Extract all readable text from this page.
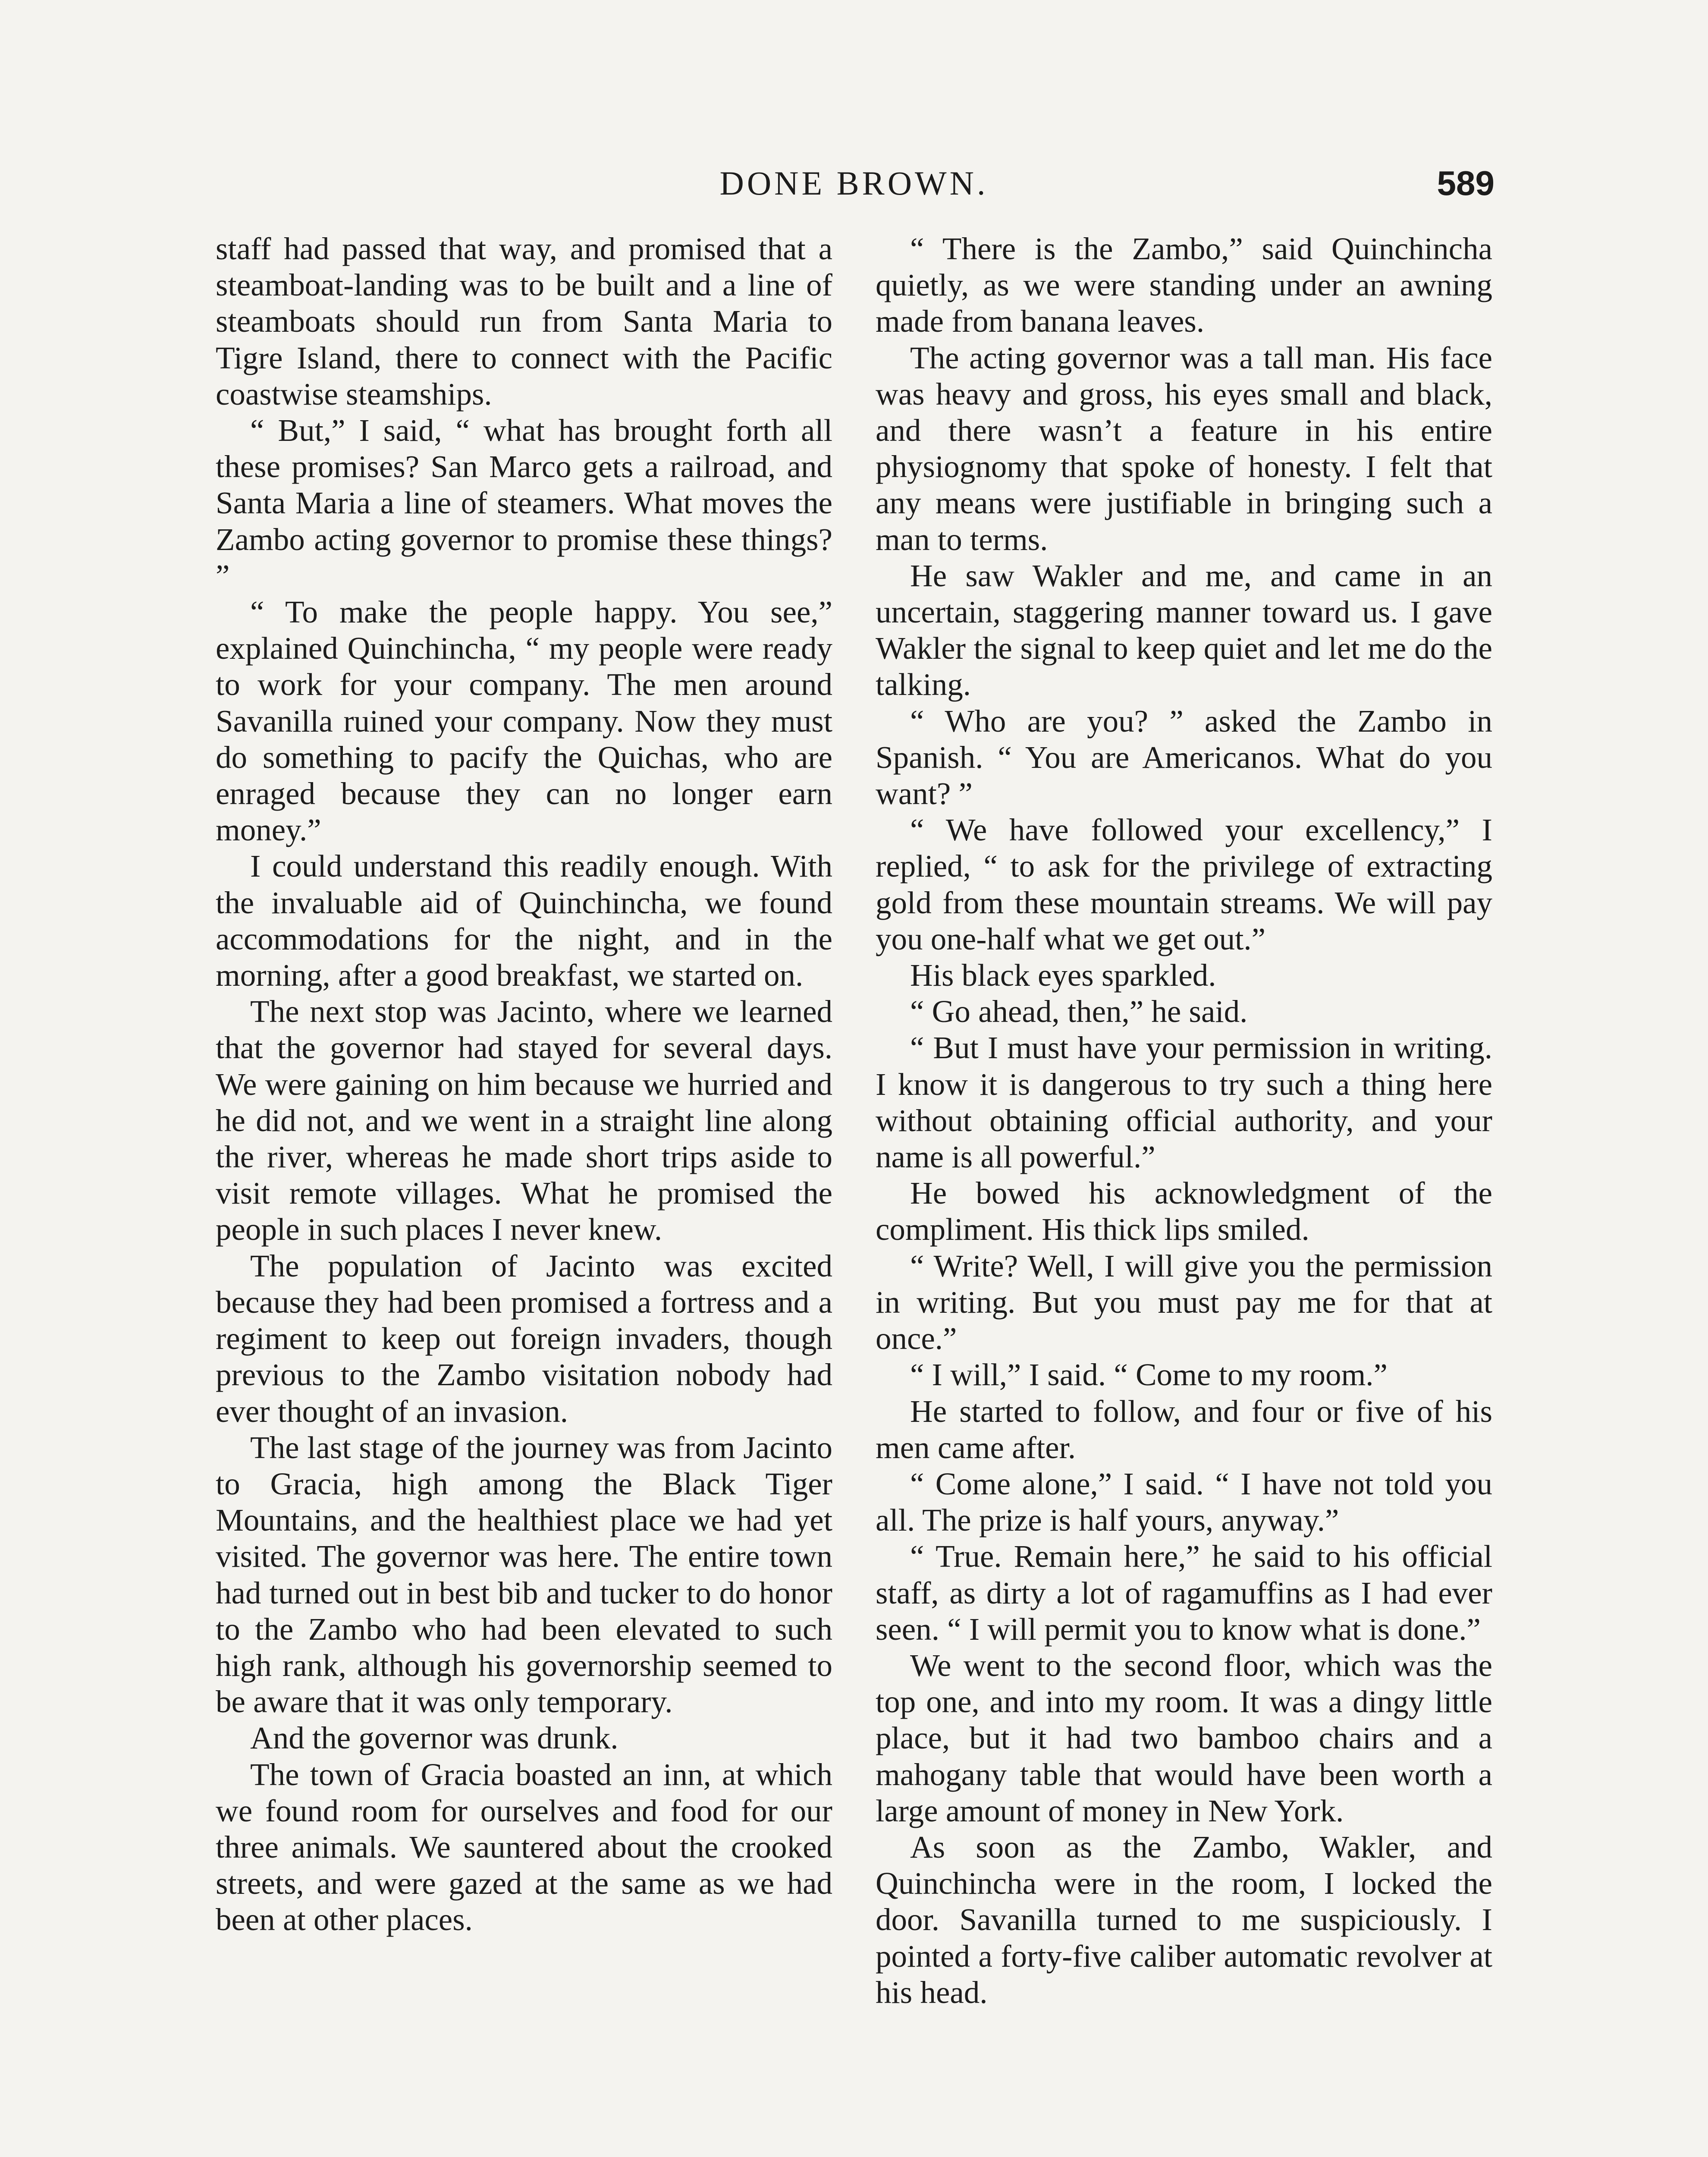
DONE BROWN.	589

staff had passed that way, and promised that a steamboat-landing was to be built and a line of steamboats should run from Santa Maria to Tigre Island, there to connect with the Pacific coastwise steamships.

“ But,” I said, “ what has brought forth all these promises? San Marco gets a railroad, and Santa Maria a line of steamers. What moves the Zambo acting governor to promise these things? ”

“ To make the people happy. You see,” explained Quinchincha, “ my people were ready to work for your company. The men around Savanilla ruined your company. Now they must do something to pacify the Quichas, who are enraged because they can no longer earn money.”

I could understand this readily enough. With the invaluable aid of Quinchincha, we found accommodations for the night, and in the morning, after a good breakfast, we started on.

The next stop was Jacinto, where we learned that the governor had stayed for several days. We were gaining on him because we hurried and he did not, and we went in a straight line along the river, whereas he made short trips aside to visit remote villages. What he promised the people in such places I never knew.

The population of Jacinto was excited because they had been promised a fortress and a regiment to keep out foreign invaders, though previous to the Zambo visitation nobody had ever thought of an invasion.

The last stage of the journey was from Jacinto to Gracia, high among the Black Tiger Mountains, and the healthiest place we had yet visited. The governor was here. The entire town had turned out in best bib and tucker to do honor to the Zambo who had been elevated to such high rank, although his governorship seemed to be aware that it was only temporary.

And the governor was drunk.

The town of Gracia boasted an inn, at which we found room for ourselves and food for our three animals. We sauntered about the crooked streets, and were gazed at the same as we had been at other places.

“ There is the Zambo,” said Quinchincha quietly, as we were standing under an awning made from banana leaves.

The acting governor was a tall man. His face was heavy and gross, his eyes small and black, and there wasn’t a feature in his entire physiognomy that spoke of honesty. I felt that any means were justifiable in bringing such a man to terms.

He saw Wakler and me, and came in an uncertain, staggering manner toward us. I gave Wakler the signal to keep quiet and let me do the talking.

“ Who are you? ” asked the Zambo in Spanish. “ You are Americanos. What do you want? ”

“ We have followed your excellency,” I replied, “ to ask for the privilege of extracting gold from these mountain streams. We will pay you one-half what we get out.”

His black eyes sparkled.

“ Go ahead, then,” he said.

“ But I must have your permission in writing. I know it is dangerous to try such a thing here without obtaining official authority, and your name is all powerful.”

He bowed his acknowledgment of the compliment. His thick lips smiled.

“ Write? Well, I will give you the permission in writing. But you must pay me for that at once.”

“ I will,” I said. “ Come to my room.”

He started to follow, and four or five of his men came after.

“ Come alone,” I said. “ I have not told you all. The prize is half yours, anyway.”

“ True. Remain here,” he said to his official staff, as dirty a lot of ragamuffins as I had ever seen. “ I will permit you to know what is done.”

We went to the second floor, which was the top one, and into my room. It was a dingy little place, but it had two bamboo chairs and a mahogany table that would have been worth a large amount of money in New York.

As soon as the Zambo, Wakler, and Quinchincha were in the room, I locked the door. Savanilla turned to me suspiciously. I pointed a forty-five caliber automatic revolver at his head.
